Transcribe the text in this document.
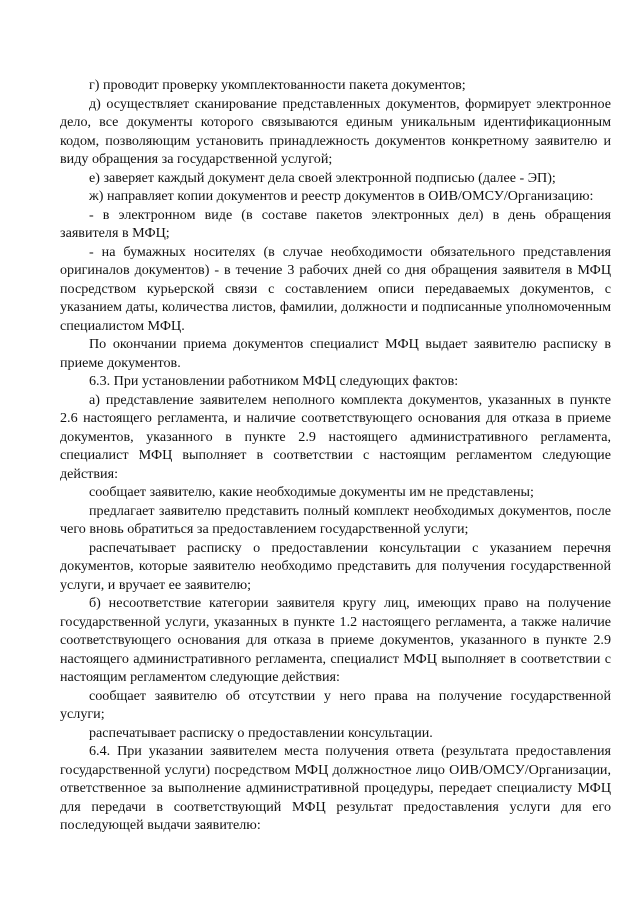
г) проводит проверку укомплектованности пакета документов;

д) осуществляет сканирование представленных документов, формирует электронное дело, все документы которого связываются единым уникальным идентификационным кодом, позволяющим установить принадлежность документов конкретному заявителю и виду обращения за государственной услугой;

е) заверяет каждый документ дела своей электронной подписью (далее - ЭП);

ж) направляет копии документов и реестр документов в ОИВ/ОМСУ/Организацию:

- в электронном виде (в составе пакетов электронных дел) в день обращения заявителя в МФЦ;

- на бумажных носителях (в случае необходимости обязательного представления оригиналов документов) - в течение 3 рабочих дней со дня обращения заявителя в МФЦ посредством курьерской связи с составлением описи передаваемых документов, с указанием даты, количества листов, фамилии, должности и подписанные уполномоченным специалистом МФЦ.

По окончании приема документов специалист МФЦ выдает заявителю расписку в приеме документов.

6.3. При установлении работником МФЦ следующих фактов:

а) представление заявителем неполного комплекта документов, указанных в пункте 2.6 настоящего регламента, и наличие соответствующего основания для отказа в приеме документов, указанного в пункте 2.9 настоящего административного регламента, специалист МФЦ выполняет в соответствии с настоящим регламентом следующие действия:

сообщает заявителю, какие необходимые документы им не представлены;

предлагает заявителю представить полный комплект необходимых документов, после чего вновь обратиться за предоставлением государственной услуги;

распечатывает расписку о предоставлении консультации с указанием перечня документов, которые заявителю необходимо представить для получения государственной услуги, и вручает ее заявителю;

б) несоответствие категории заявителя кругу лиц, имеющих право на получение государственной услуги, указанных в пункте 1.2 настоящего регламента, а также наличие соответствующего основания для отказа в приеме документов, указанного в пункте 2.9 настоящего административного регламента, специалист МФЦ выполняет в соответствии с настоящим регламентом следующие действия:

сообщает заявителю об отсутствии у него права на получение государственной услуги;

распечатывает расписку о предоставлении консультации.

6.4. При указании заявителем места получения ответа (результата предоставления государственной услуги) посредством МФЦ должностное лицо ОИВ/ОМСУ/Организации, ответственное за выполнение административной процедуры, передает специалисту МФЦ для передачи в соответствующий МФЦ результат предоставления услуги для его последующей выдачи заявителю:
